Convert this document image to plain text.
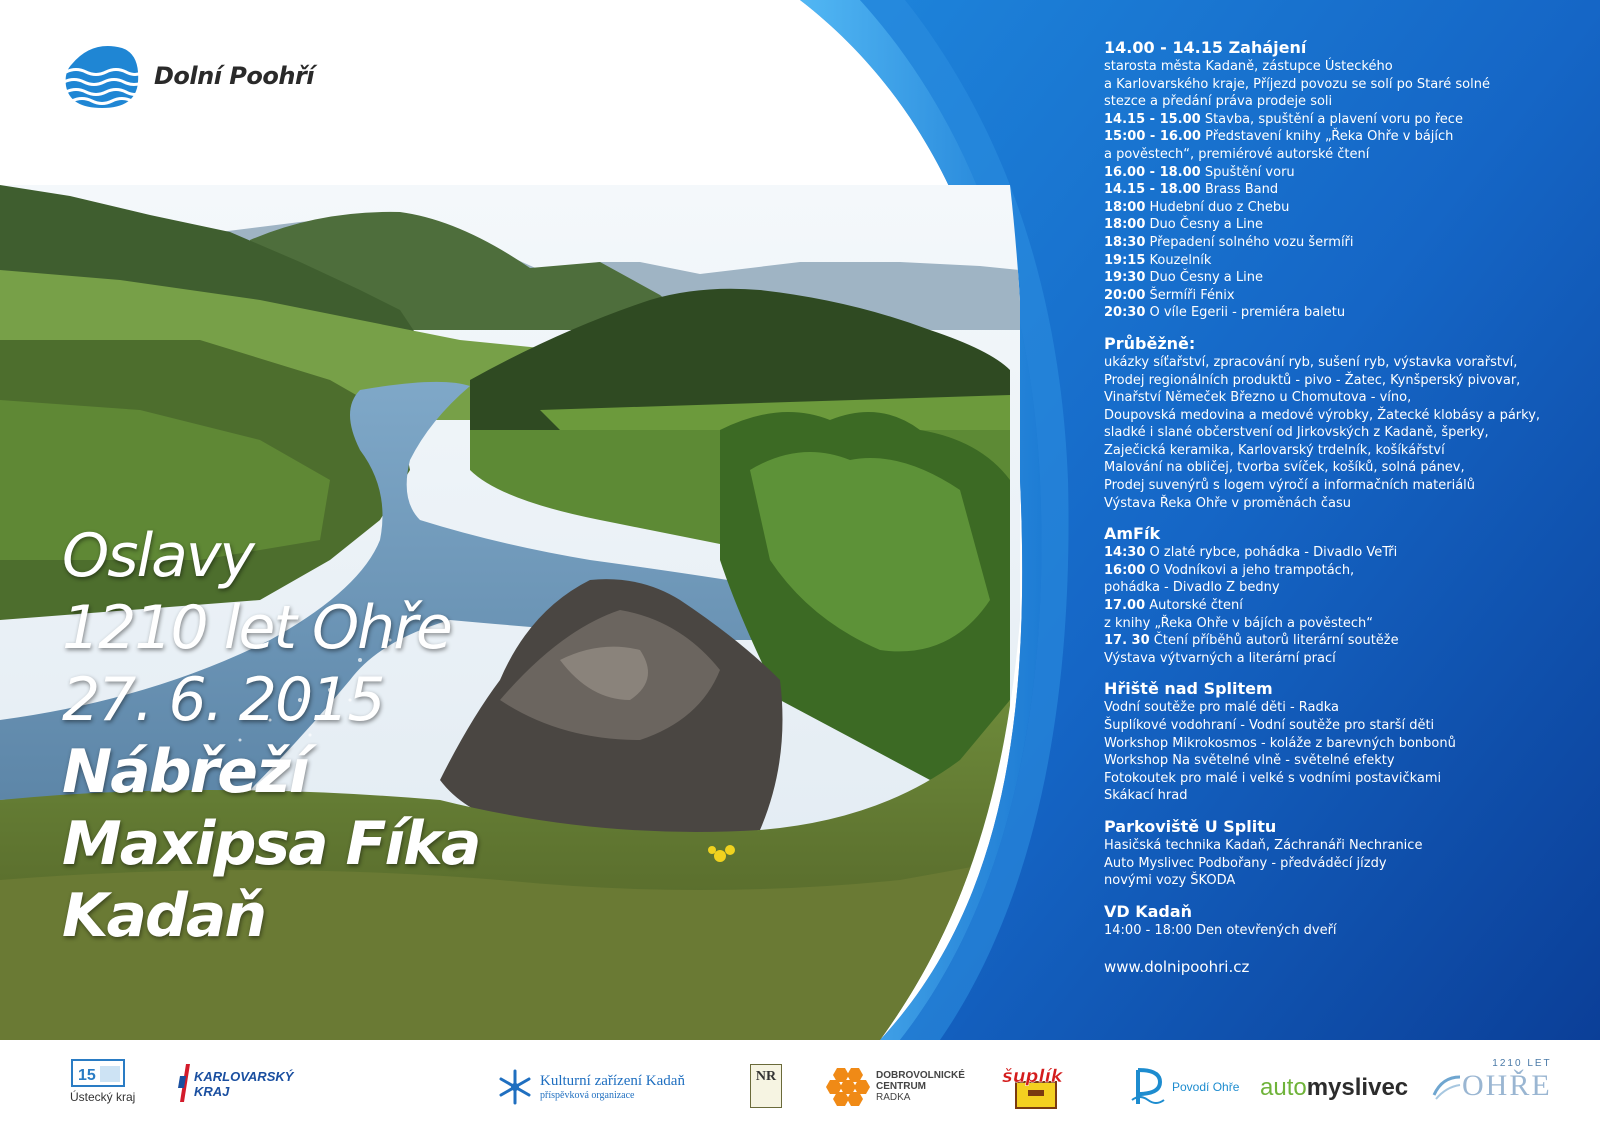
Dolní Poohří
Oslavy
1210 let Ohře
27. 6. 2015
Nábřeží
Maxipsa Fíka
Kadaň
14.00 - 14.15 Zahájení
starosta města Kadaně, zástupce Ústeckého
a Karlovarského kraje, Příjezd povozu se solí po Staré solné
stezce a předání práva prodeje soli
14.15 - 15.00 Stavba, spuštění a plavení voru po řece
15:00 - 16.00 Představení knihy „Řeka Ohře v bájích
a pověstech“, premiérové autorské čtení
16.00 - 18.00 Spuštění voru
14.15 - 18.00 Brass Band
18:00 Hudební duo z Chebu
18:00 Duo Česny a Line
18:30 Přepadení solného vozu šermíři
19:15 Kouzelník
19:30 Duo Česny a Line
20:00 Šermíři Fénix
20:30 O víle Egerii - premiéra baletu
Průběžně:
ukázky síťařství, zpracování ryb, sušení ryb, výstavka vorařství,
Prodej regionálních produktů - pivo - Žatec, Kynšperský pivovar,
Vinařství Němeček Březno u Chomutova - víno,
Doupovská medovina a medové výrobky, Žatecké klobásy a párky,
sladké i slané občerstvení od Jirkovských z Kadaně, šperky,
Zaječická keramika, Karlovarský trdelník, košíkářství
Malování na obličej, tvorba svíček, košíků, solná pánev,
Prodej suvenýrů s logem výročí a informačních materiálů
Výstava Řeka Ohře v proměnách času
AmFík
14:30 O zlaté rybce, pohádka - Divadlo VeTři
16:00 O Vodníkovi a jeho trampotách,
pohádka - Divadlo Z bedny
17.00 Autorské čtení
z knihy „Řeka Ohře v bájích a pověstech“
17. 30 Čtení příběhů autorů literární soutěže
Výstava výtvarných a literární prací
Hřiště nad Splitem
Vodní soutěže pro malé děti - Radka
Šuplíkové vodohraní - Vodní soutěže pro starší děti
Workshop Mikrokosmos - koláže z barevných bonbonů
Workshop Na světelné vlně - světelné efekty
Fotokoutek pro malé i velké s vodními postavičkami
Skákací hrad
Parkoviště U Splitu
Hasičská technika Kadaň, Záchranáři Nechranice
Auto Myslivec Podbořany - předváděcí jízdy
novými vozy ŠKODA
VD Kadaň
14:00 - 18:00 Den otevřených dveří
www.dolnipoohri.cz
15
Ústecký kraj
KARLOVARSKÝ
KRAJ
Kulturní zařízení Kadaň
příspěvková organizace
NR	DOBROVOLNICKÉ
CENTRUM
RADKA
šuplík	Povodí Ohře auto myslivec
1210 LET
OHŘE
